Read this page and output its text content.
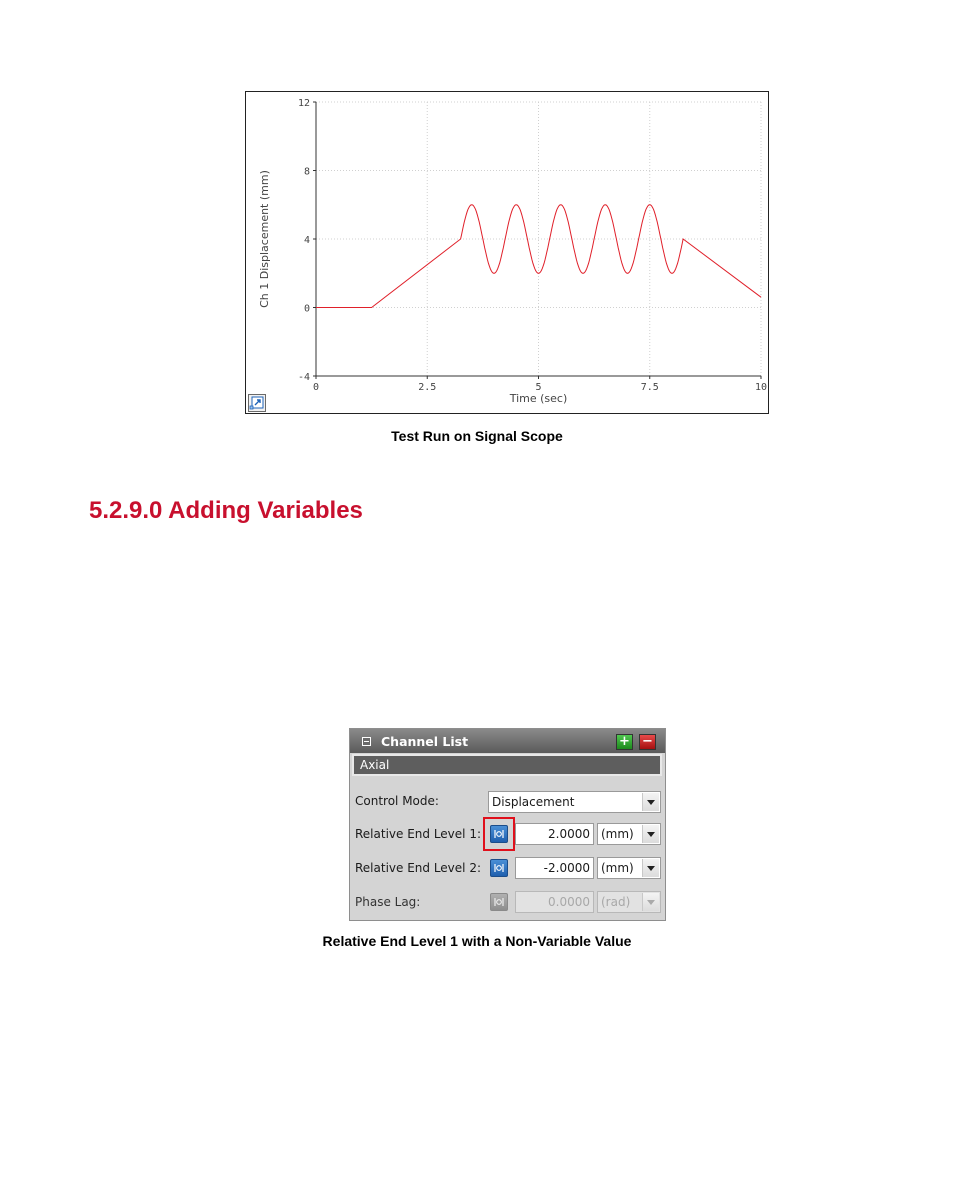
0	2.5	5	7.5	10
12
8
4
0
-4
Time (sec)
Ch 1 Displacement (mm)
Test Run on Signal Scope
5.2.9.0 Adding Variables
Channel List	+ −
Axial
Control Mode:	Displacement
Relative End Level 1:	2.0000 (mm)
Relative End Level 2:	-2.0000 (mm)
Phase Lag:	0.0000 (rad)
Relative End Level 1 with a Non-Variable Value
